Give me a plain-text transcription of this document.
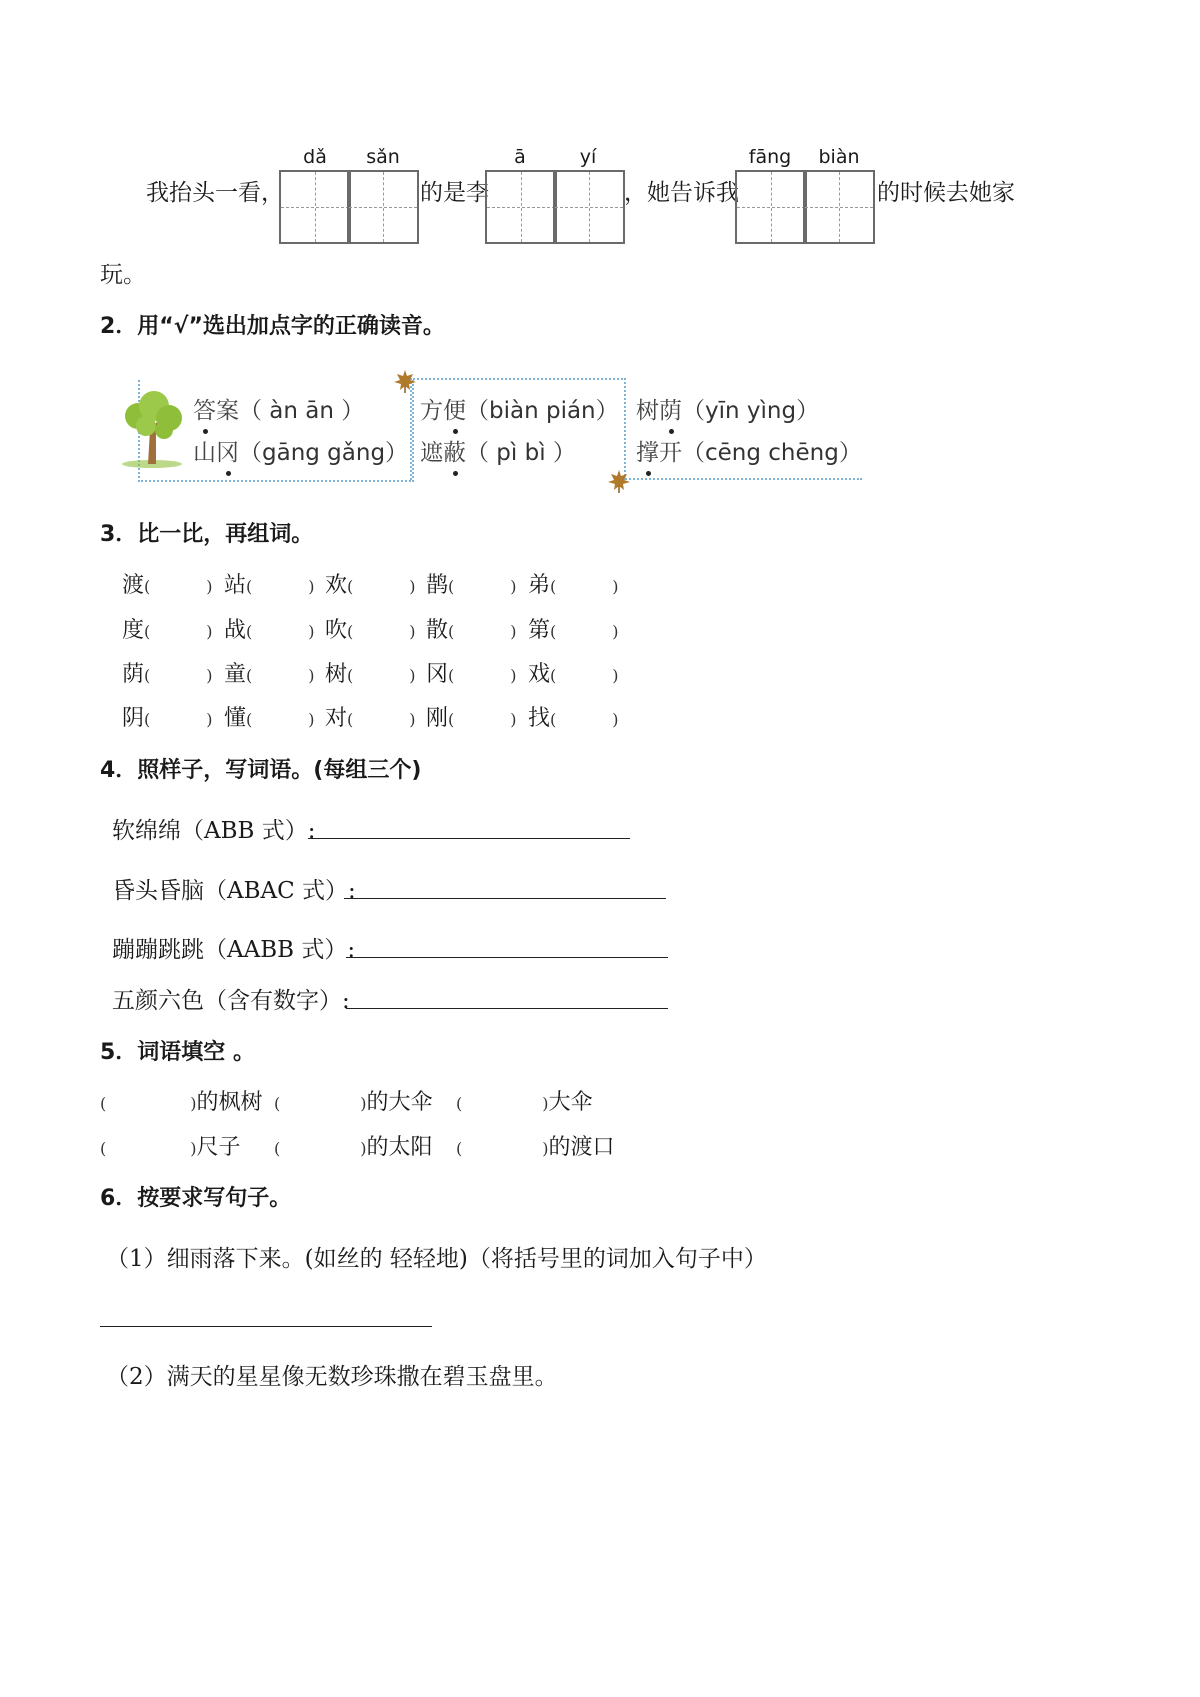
dǎ	sǎn	ā	yí	fāng	biàn
我抬头一看，	的是李	，她告诉我	的时候去她家
玩。
2．用“√”选出加点字的正确读音。
答
案（ àn ān ）
山冈
（gāng gǎng）
方便
（biàn pián）
遮蔽
（ pì bì ）
树荫
（yīn yìng）
撑
开（cēng chēng）
3．比一比，再组词。
渡(	) 站(	) 欢(	) 鹊(	) 弟(	)
度(	) 战(	) 吹(	) 散(	) 第(	)
荫(	) 童(	) 树(	) 冈(	) 戏(	)
阴(	) 懂(	) 对(	) 刚(	) 找(	)
4．照样子，写词语。(每组三个)
软绵绵（ABB 式）:
昏头昏脑（ABAC 式）:
蹦蹦跳跳（AABB 式）:
五颜六色（含有数字）:
5．词语填空 。
(	)的枫树 (	)的大伞 (	)大伞
(	)尺子 (	)的太阳 (	)的渡口
6．按要求写句子。
（1）细雨落下来。(如丝的 轻轻地)（将括号里的词加入句子中）
（2）满天的星星像无数珍珠撒在碧玉盘里。
